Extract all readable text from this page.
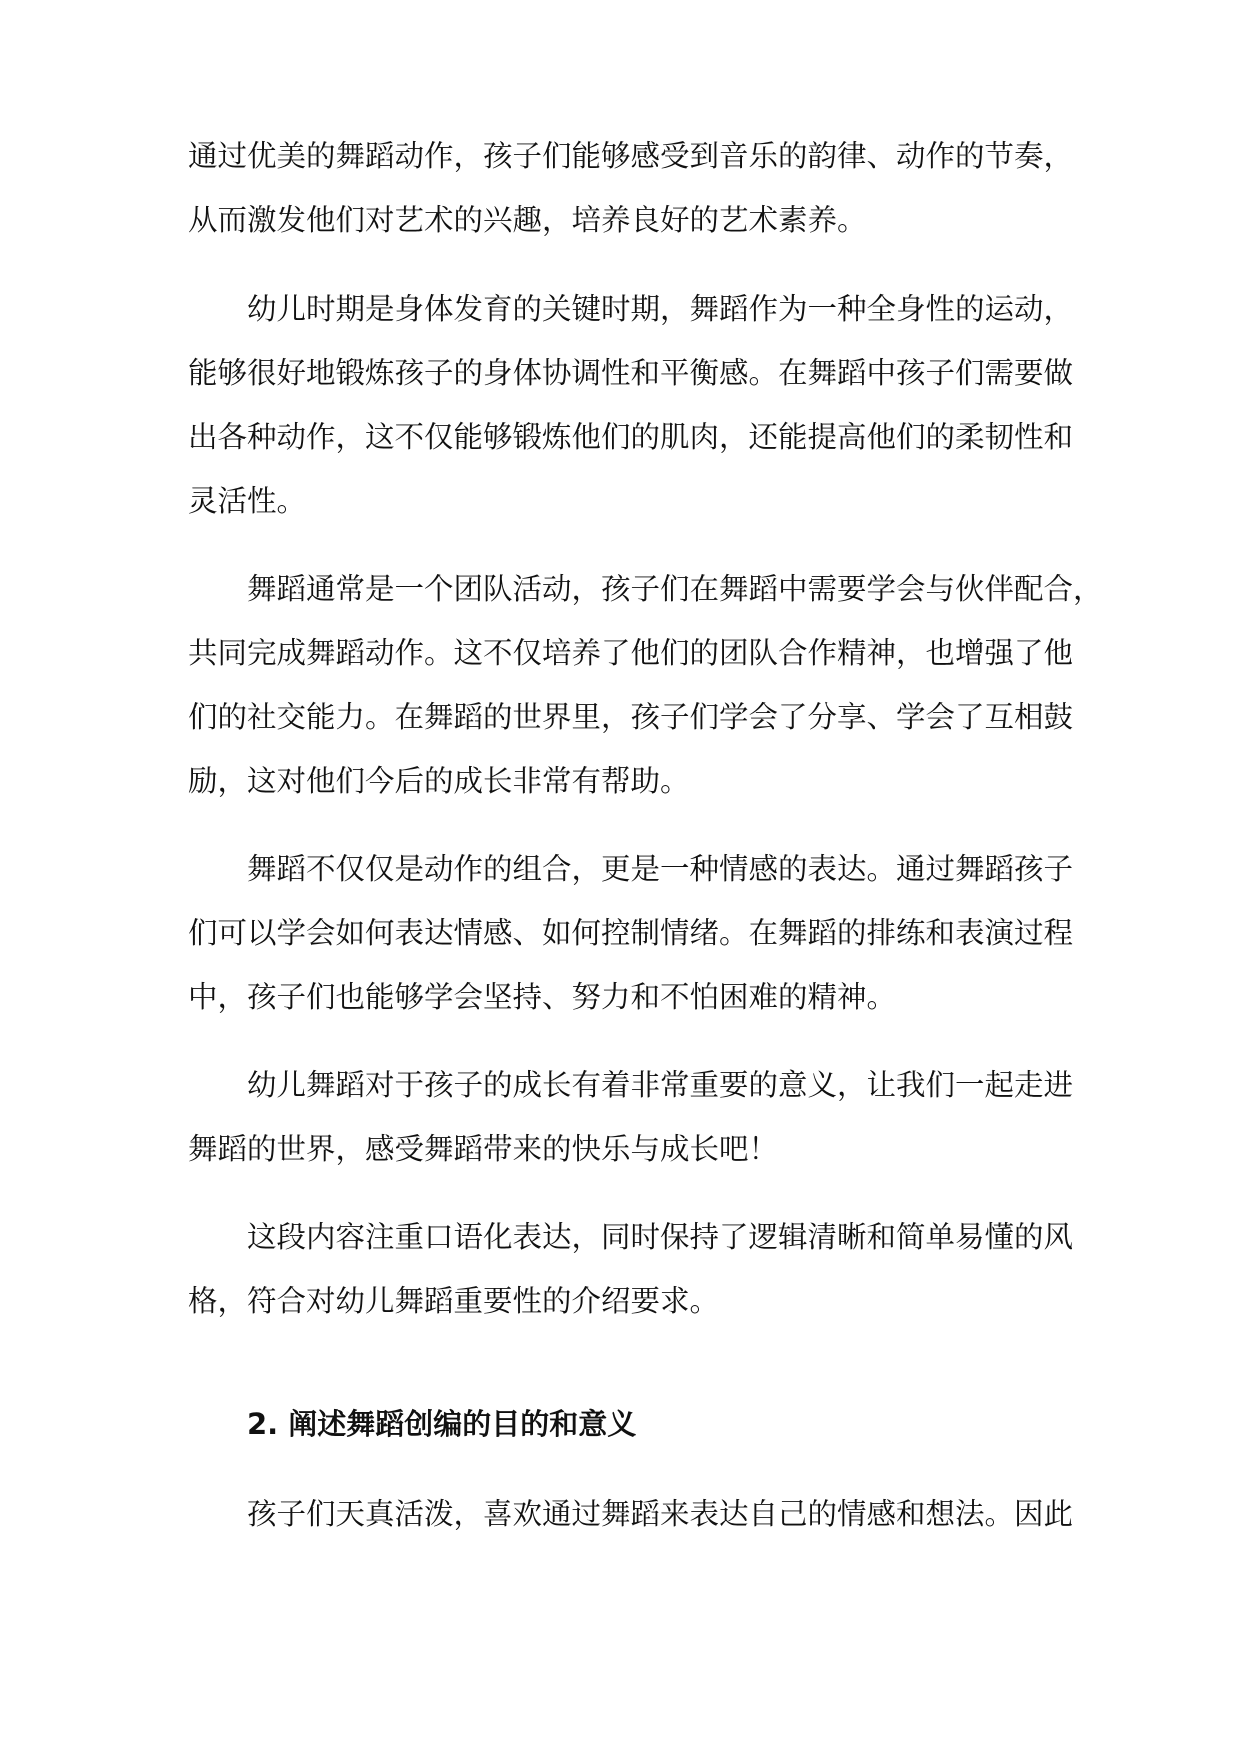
通过优美的舞蹈动作，孩子们能够感受到音乐的韵律、动作的节奏，
从而激发他们对艺术的兴趣，培养良好的艺术素养。
幼儿时期是身体发育的关键时期，舞蹈作为一种全身性的运动，
能够很好地锻炼孩子的身体协调性和平衡感。在舞蹈中孩子们需要做
出各种动作，这不仅能够锻炼他们的肌肉，还能提高他们的柔韧性和
灵活性。
舞蹈通常是一个团队活动，孩子们在舞蹈中需要学会与伙伴配合，
共同完成舞蹈动作。这不仅培养了他们的团队合作精神，也增强了他
们的社交能力。在舞蹈的世界里，孩子们学会了分享、学会了互相鼓
励，这对他们今后的成长非常有帮助。
舞蹈不仅仅是动作的组合，更是一种情感的表达。通过舞蹈孩子
们可以学会如何表达情感、如何控制情绪。在舞蹈的排练和表演过程
中，孩子们也能够学会坚持、努力和不怕困难的精神。
幼儿舞蹈对于孩子的成长有着非常重要的意义，让我们一起走进
舞蹈的世界，感受舞蹈带来的快乐与成长吧！
这段内容注重口语化表达，同时保持了逻辑清晰和简单易懂的风
格，符合对幼儿舞蹈重要性的介绍要求。
2. 阐述舞蹈创编的目的和意义
孩子们天真活泼，喜欢通过舞蹈来表达自己的情感和想法。因此
